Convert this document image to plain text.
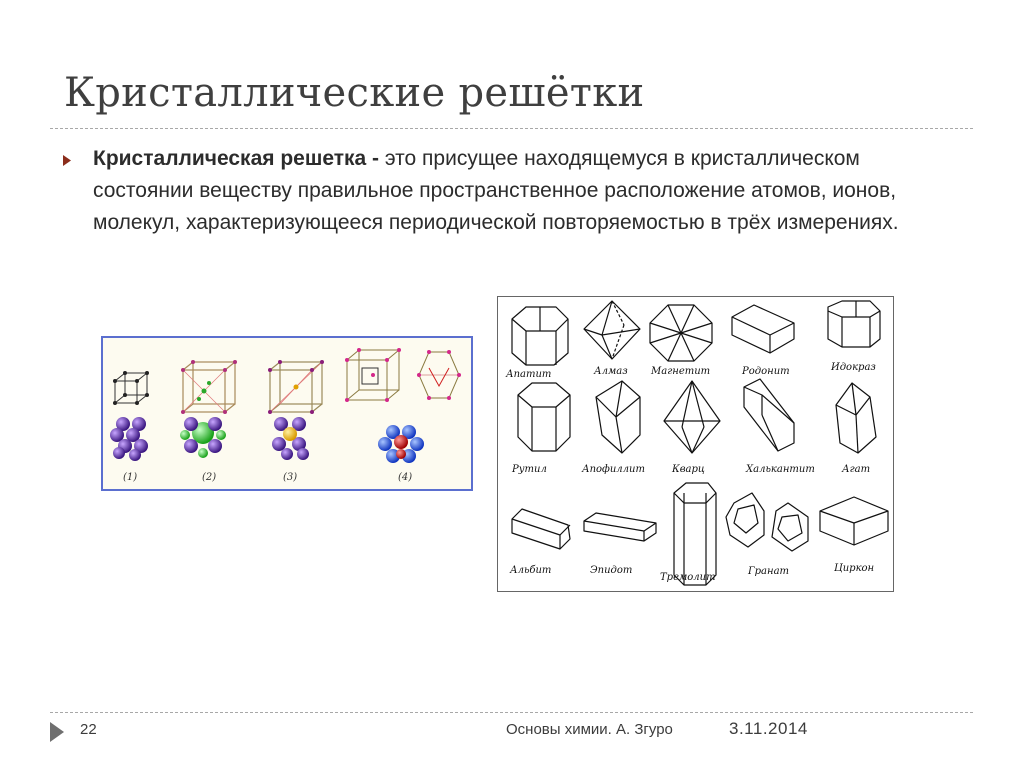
Кристаллические решётки

Кристаллическая решетка - это присущее находящемуся в кристаллическом состоянии веществу правильное пространственное расположение атомов, ионов, молекул, характеризующееся периодической повторяемостью в трёх измерениях.

(1)	(2)	(3)	(4)
Апатит	Алмаз Магнетит	Родонит	Идокраз
Рутил	Апофиллит	Кварц	Халькантит	Агат
Альбит	Эпидот
Тремолит
Гранат	Циркон
22	Основы химии. А. Згуро	3.11.2014
